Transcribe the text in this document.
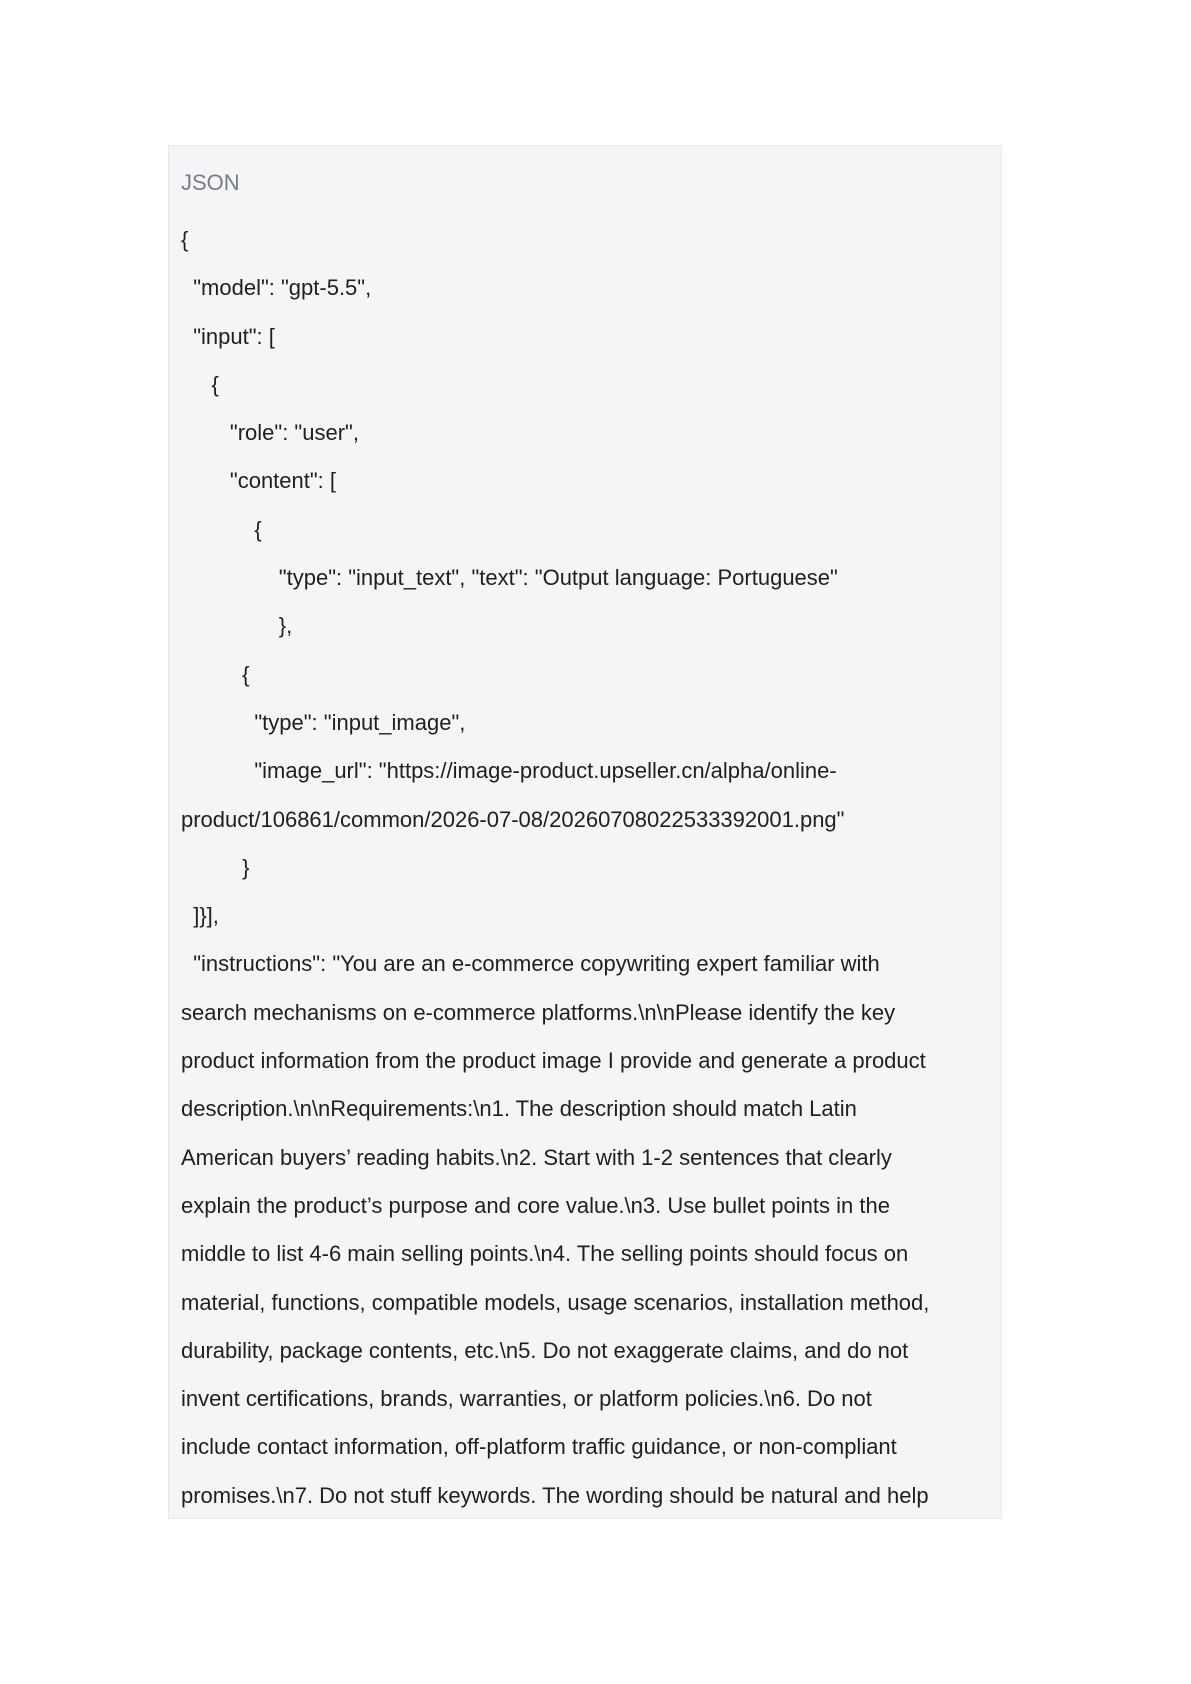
JSON
{
"model": "gpt-5.5",
"input": [
{
"role": "user",
"content": [
{
"type": "input_text", "text": "Output language: Portuguese"
},
{
"type": "input_image",
"image_url": "https://image-product.upseller.cn/alpha/online-
product/106861/common/2026-07-08/20260708022533392001.png"
}
]}],
"instructions": "You are an e-commerce copywriting expert familiar with
search mechanisms on e-commerce platforms.\n\nPlease identify the key
product information from the product image I provide and generate a product
description.\n\nRequirements:\n1. The description should match Latin
American buyers’ reading habits.\n2. Start with 1-2 sentences that clearly
explain the product’s purpose and core value.\n3. Use bullet points in the
middle to list 4-6 main selling points.\n4. The selling points should focus on
material, functions, compatible models, usage scenarios, installation method,
durability, package contents, etc.\n5. Do not exaggerate claims, and do not
invent certifications, brands, warranties, or platform policies.\n6. Do not
include contact information, off-platform traffic guidance, or non-compliant
promises.\n7. Do not stuff keywords. The wording should be natural and help
